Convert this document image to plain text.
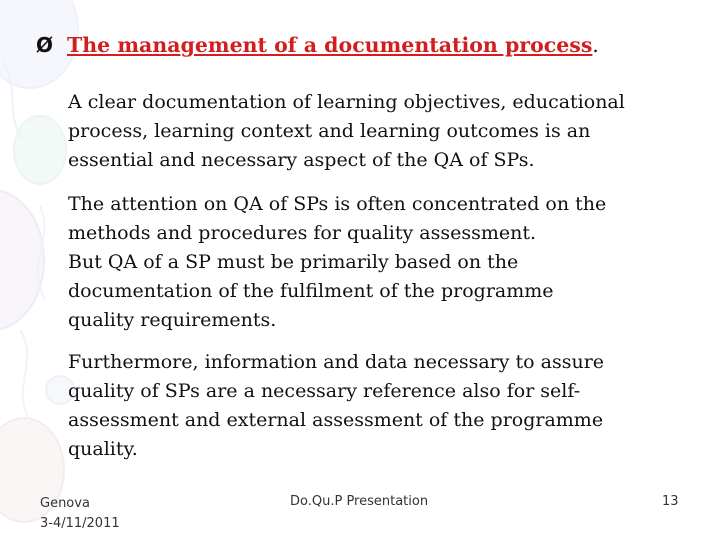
Ø The management of a documentation process .
A clear documentation of learning objectives, educational
process, learning context and learning outcomes is an
essential and necessary aspect of the QA of SPs.
The attention on QA of SPs is often concentrated on the
methods and procedures for quality assessment.
But QA of a SP must be primarily based on the
documentation of the fulfilment of the programme
quality requirements.
Furthermore, information and data necessary to assure
quality of SPs are a necessary reference also for self-
assessment and external assessment of the programme
quality.
Genova
3-4/11/2011
Do.Qu.P Presentation	13
